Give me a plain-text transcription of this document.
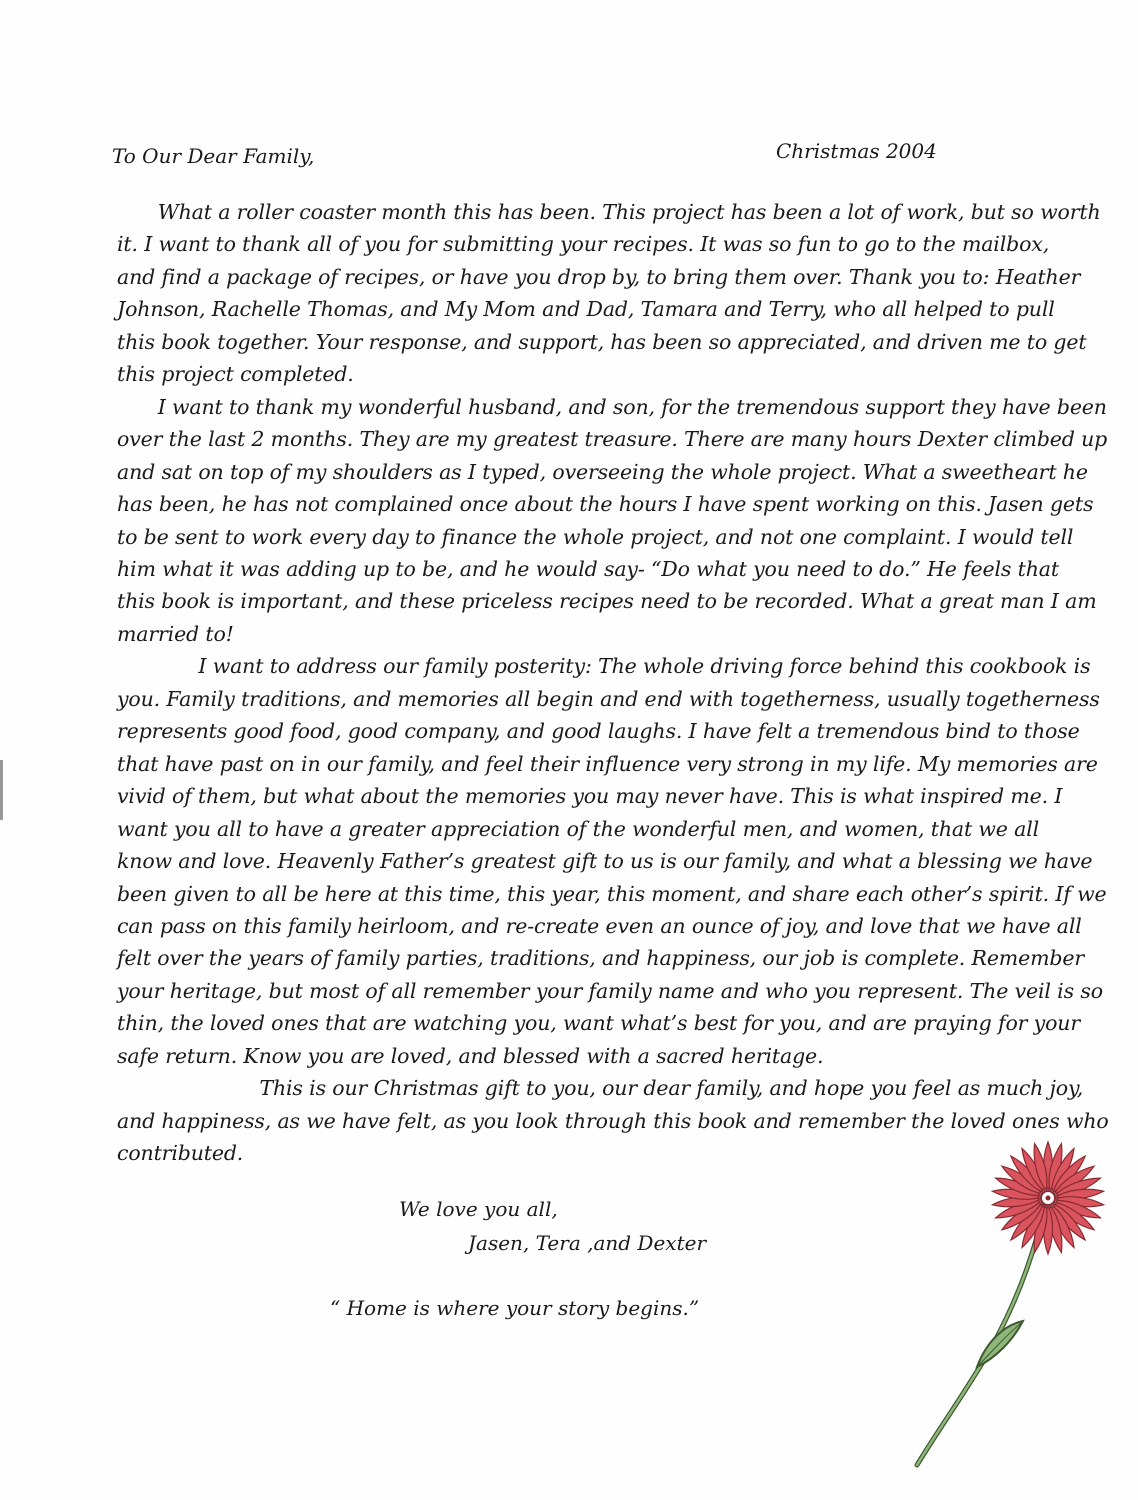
To Our Dear Family,	Christmas 2004
  What a roller coaster month this has been. This project has been a lot of work, but so worth
it. I want to thank all of you for submitting your recipes. It was so fun to go to the mailbox,
and find a package of recipes, or have you drop by, to bring them over. Thank you to: Heather
Johnson, Rachelle Thomas, and My Mom and Dad, Tamara and Terry, who all helped to pull
this book together. Your response, and support, has been so appreciated, and driven me to get
this project completed.
  I want to thank my wonderful husband, and son, for the tremendous support they have been
over the last 2 months. They are my greatest treasure. There are many hours Dexter climbed up
and sat on top of my shoulders as I typed, overseeing the whole project. What a sweetheart he
has been, he has not complained once about the hours I have spent working on this. Jasen gets
to be sent to work every day to finance the whole project, and not one complaint. I would tell
him what it was adding up to be, and he would say- “Do what you need to do.” He feels that
this book is important, and these priceless recipes need to be recorded. What a great man I am
married to!
    I want to address our family posterity: The whole driving force behind this cookbook is
you. Family traditions, and memories all begin and end with togetherness, usually togetherness
represents good food, good company, and good laughs. I have felt a tremendous bind to those
that have past on in our family, and feel their influence very strong in my life. My memories are
vivid of them, but what about the memories you may never have. This is what inspired me. I
want you all to have a greater appreciation of the wonderful men, and women, that we all
know and love. Heavenly Father’s greatest gift to us is our family, and what a blessing we have
been given to all be here at this time, this year, this moment, and share each other’s spirit. If we
can pass on this family heirloom, and re-create even an ounce of joy, and love that we have all
felt over the years of family parties, traditions, and happiness, our job is complete. Remember
your heritage, but most of all remember your family name and who you represent. The veil is so
thin, the loved ones that are watching you, want what’s best for you, and are praying for your
safe return. Know you are loved, and blessed with a sacred heritage.
       This is our Christmas gift to you, our dear family, and hope you feel as much joy,
and happiness, as we have felt, as you look through this book and remember the loved ones who
contributed.
We love you all,
Jasen, Tera ,and Dexter
“ Home is where your story begins.”
